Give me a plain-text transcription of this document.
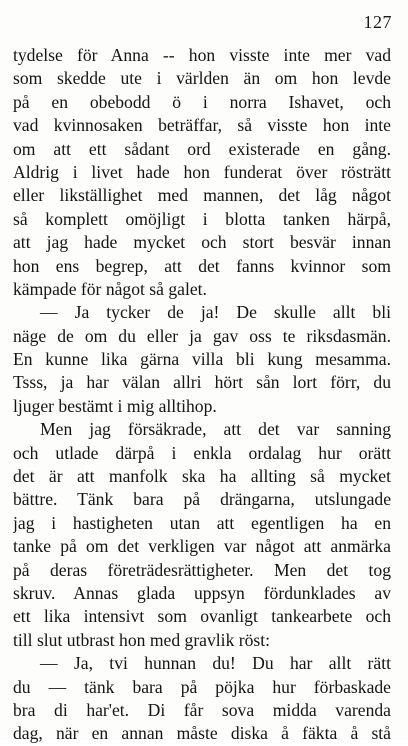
127
tydelse för Anna -- hon visste inte mer vad
som skedde ute i världen än om hon levde
på en obebodd ö i norra Ishavet, och
vad kvinnosaken beträffar, så visste hon inte
om att ett sådant ord existerade en gång.
Aldrig i livet hade hon funderat över rösträtt
eller likställighet med mannen, det låg något
så komplett omöjligt i blotta tanken härpå,
att jag hade mycket och stort besvär innan
hon ens begrep, att det fanns kvinnor som
kämpade för något så galet.
— Ja tycker de ja! De skulle allt bli
näge de om du eller ja gav oss te riksdasmän.
En kunne lika gärna villa bli kung mesamma.
Tsss, ja har välan allri hört sån lort förr, du
ljuger bestämt i mig alltihop.
Men jag försäkrade, att det var sanning
och utlade därpå i enkla ordalag hur orätt
det är att manfolk ska ha allting så mycket
bättre. Tänk bara på drängarna, utslungade
jag i hastigheten utan att egentligen ha en
tanke på om det verkligen var något att anmärka
på deras företrädesrättigheter. Men det tog
skruv. Annas glada uppsyn fördunklades av
ett lika intensivt som ovanligt tankearbete och
till slut utbrast hon med gravlik röst:
— Ja, tvi hunnan du! Du har allt rätt
du — tänk bara på pöjka hur förbaskade
bra di har'et. Di får sova midda varenda
dag, när en annan måste diska å fäkta å stå
